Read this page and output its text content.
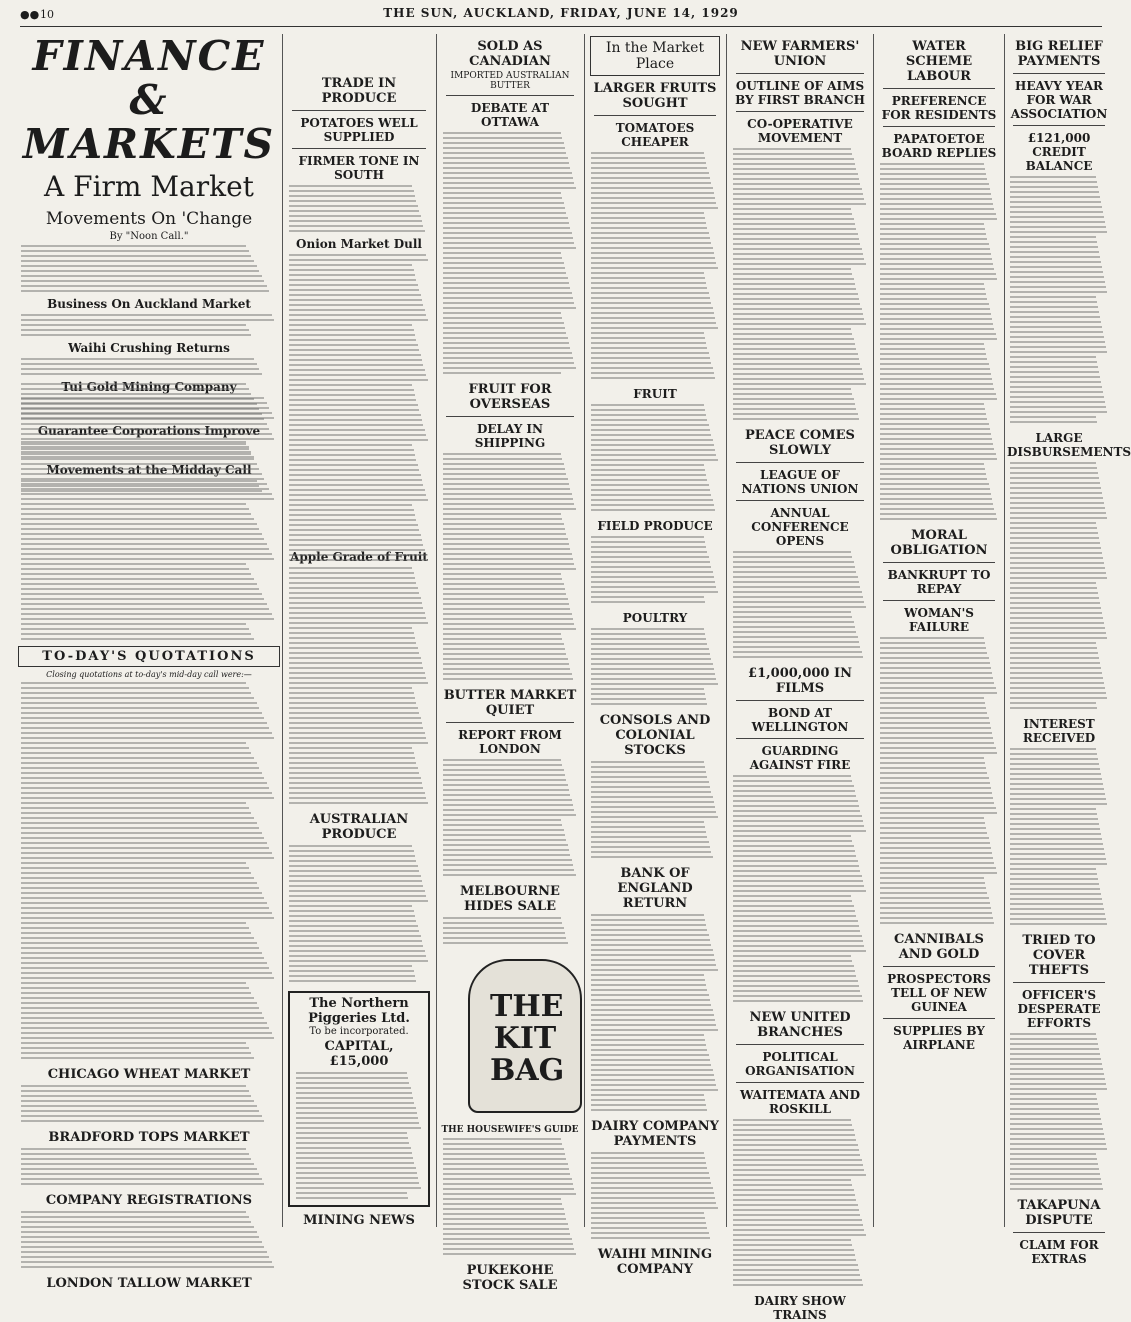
●● 10	THE SUN, AUCKLAND, FRIDAY, JUNE 14, 1929
FINANCE & MARKETS
A Firm Market
Movements On 'Change
By "Noon Call."
Business On Auckland Market
Waihi Crushing Returns
Tui Gold Mining Company
Guarantee Corporations Improve
Movements at the Midday Call
TO-DAY'S QUOTATIONS
Closing quotations at to-day's mid-day call were:—
CHICAGO WHEAT MARKET
BRADFORD TOPS MARKET
COMPANY REGISTRATIONS
LONDON TALLOW MARKET
TRADE IN PRODUCE
POTATOES WELL SUPPLIED
FIRMER TONE IN SOUTH
Onion Market Dull
Apple Grade of Fruit
AUSTRALIAN PRODUCE
The Northern Piggeries Ltd.
To be incorporated.
CAPITAL, £15,000
MINING NEWS
SOLD AS CANADIAN
IMPORTED AUSTRALIAN BUTTER
DEBATE AT OTTAWA
FRUIT FOR OVERSEAS
DELAY IN SHIPPING
BUTTER MARKET QUIET
REPORT FROM LONDON
MELBOURNE HIDES SALE
THE KIT BAG
THE HOUSEWIFE'S GUIDE
PUKEKOHE STOCK SALE
In the Market Place
LARGER FRUITS SOUGHT
TOMATOES CHEAPER
FRUIT
FIELD PRODUCE
POULTRY
CONSOLS AND COLONIAL STOCKS
BANK OF ENGLAND RETURN
DAIRY COMPANY PAYMENTS
WAIHI MINING COMPANY
NEW FARMERS' UNION
OUTLINE OF AIMS BY FIRST BRANCH
CO-OPERATIVE MOVEMENT
PEACE COMES SLOWLY
LEAGUE OF NATIONS UNION
ANNUAL CONFERENCE OPENS
£1,000,000 IN FILMS
BOND AT WELLINGTON
GUARDING AGAINST FIRE
NEW UNITED BRANCHES
POLITICAL ORGANISATION
WAITEMATA AND ROSKILL
DAIRY SHOW TRAINS
WATER SCHEME LABOUR
PREFERENCE FOR RESIDENTS
PAPATOETOE BOARD REPLIES
MORAL OBLIGATION
BANKRUPT TO REPAY
WOMAN'S FAILURE
CANNIBALS AND GOLD
PROSPECTORS TELL OF NEW GUINEA
SUPPLIES BY AIRPLANE
BIG RELIEF PAYMENTS
HEAVY YEAR FOR WAR ASSOCIATION
£121,000 CREDIT BALANCE
LARGE DISBURSEMENTS
INTEREST RECEIVED
TRIED TO COVER THEFTS
OFFICER'S DESPERATE EFFORTS
TAKAPUNA DISPUTE
CLAIM FOR EXTRAS
